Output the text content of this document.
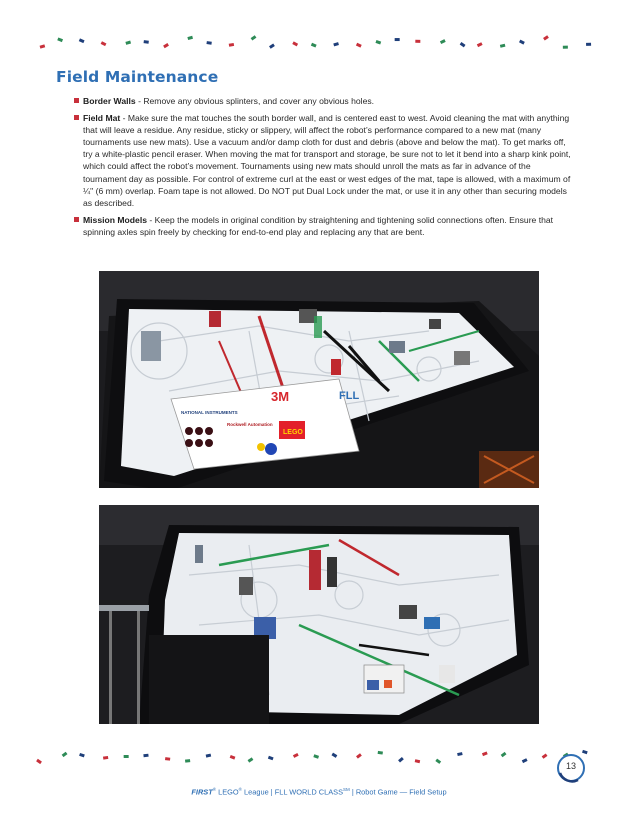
Field Maintenance
Border Walls - Remove any obvious splinters, and cover any obvious holes.
Field Mat - Make sure the mat touches the south border wall, and is centered east to west. Avoid cleaning the mat with anything that will leave a residue. Any residue, sticky or slippery, will affect the robot’s performance compared to a new mat (many tournaments use new mats). Use a vacuum and/or damp cloth for dust and debris (above and below the mat). To get marks off, try a white-plastic pencil eraser. When moving the mat for transport and storage, be sure not to let it bend into a sharp kink point, which could affect the robot’s movement. Tournaments using new mats should unroll the mats as far in advance of the tournament day as possible. For control of extreme curl at the east or west edges of the mat, tape is allowed, with a maximum of ¼" (6 mm) overlap. Foam tape is not allowed. Do NOT put Dual Lock under the mat, or use it in any other than securing models as described.
Mission Models - Keep the models in original condition by straightening and tightening solid connections often. Ensure that spinning axles spin freely by checking for end-to-end play and replacing any that are bent.
3M
NATIONAL INSTRUMENTS
Rockwell Automation
LEGO
FLL
13
FIRST® LEGO® League | FLL WORLD CLASS℠ | Robot Game — Field Setup
